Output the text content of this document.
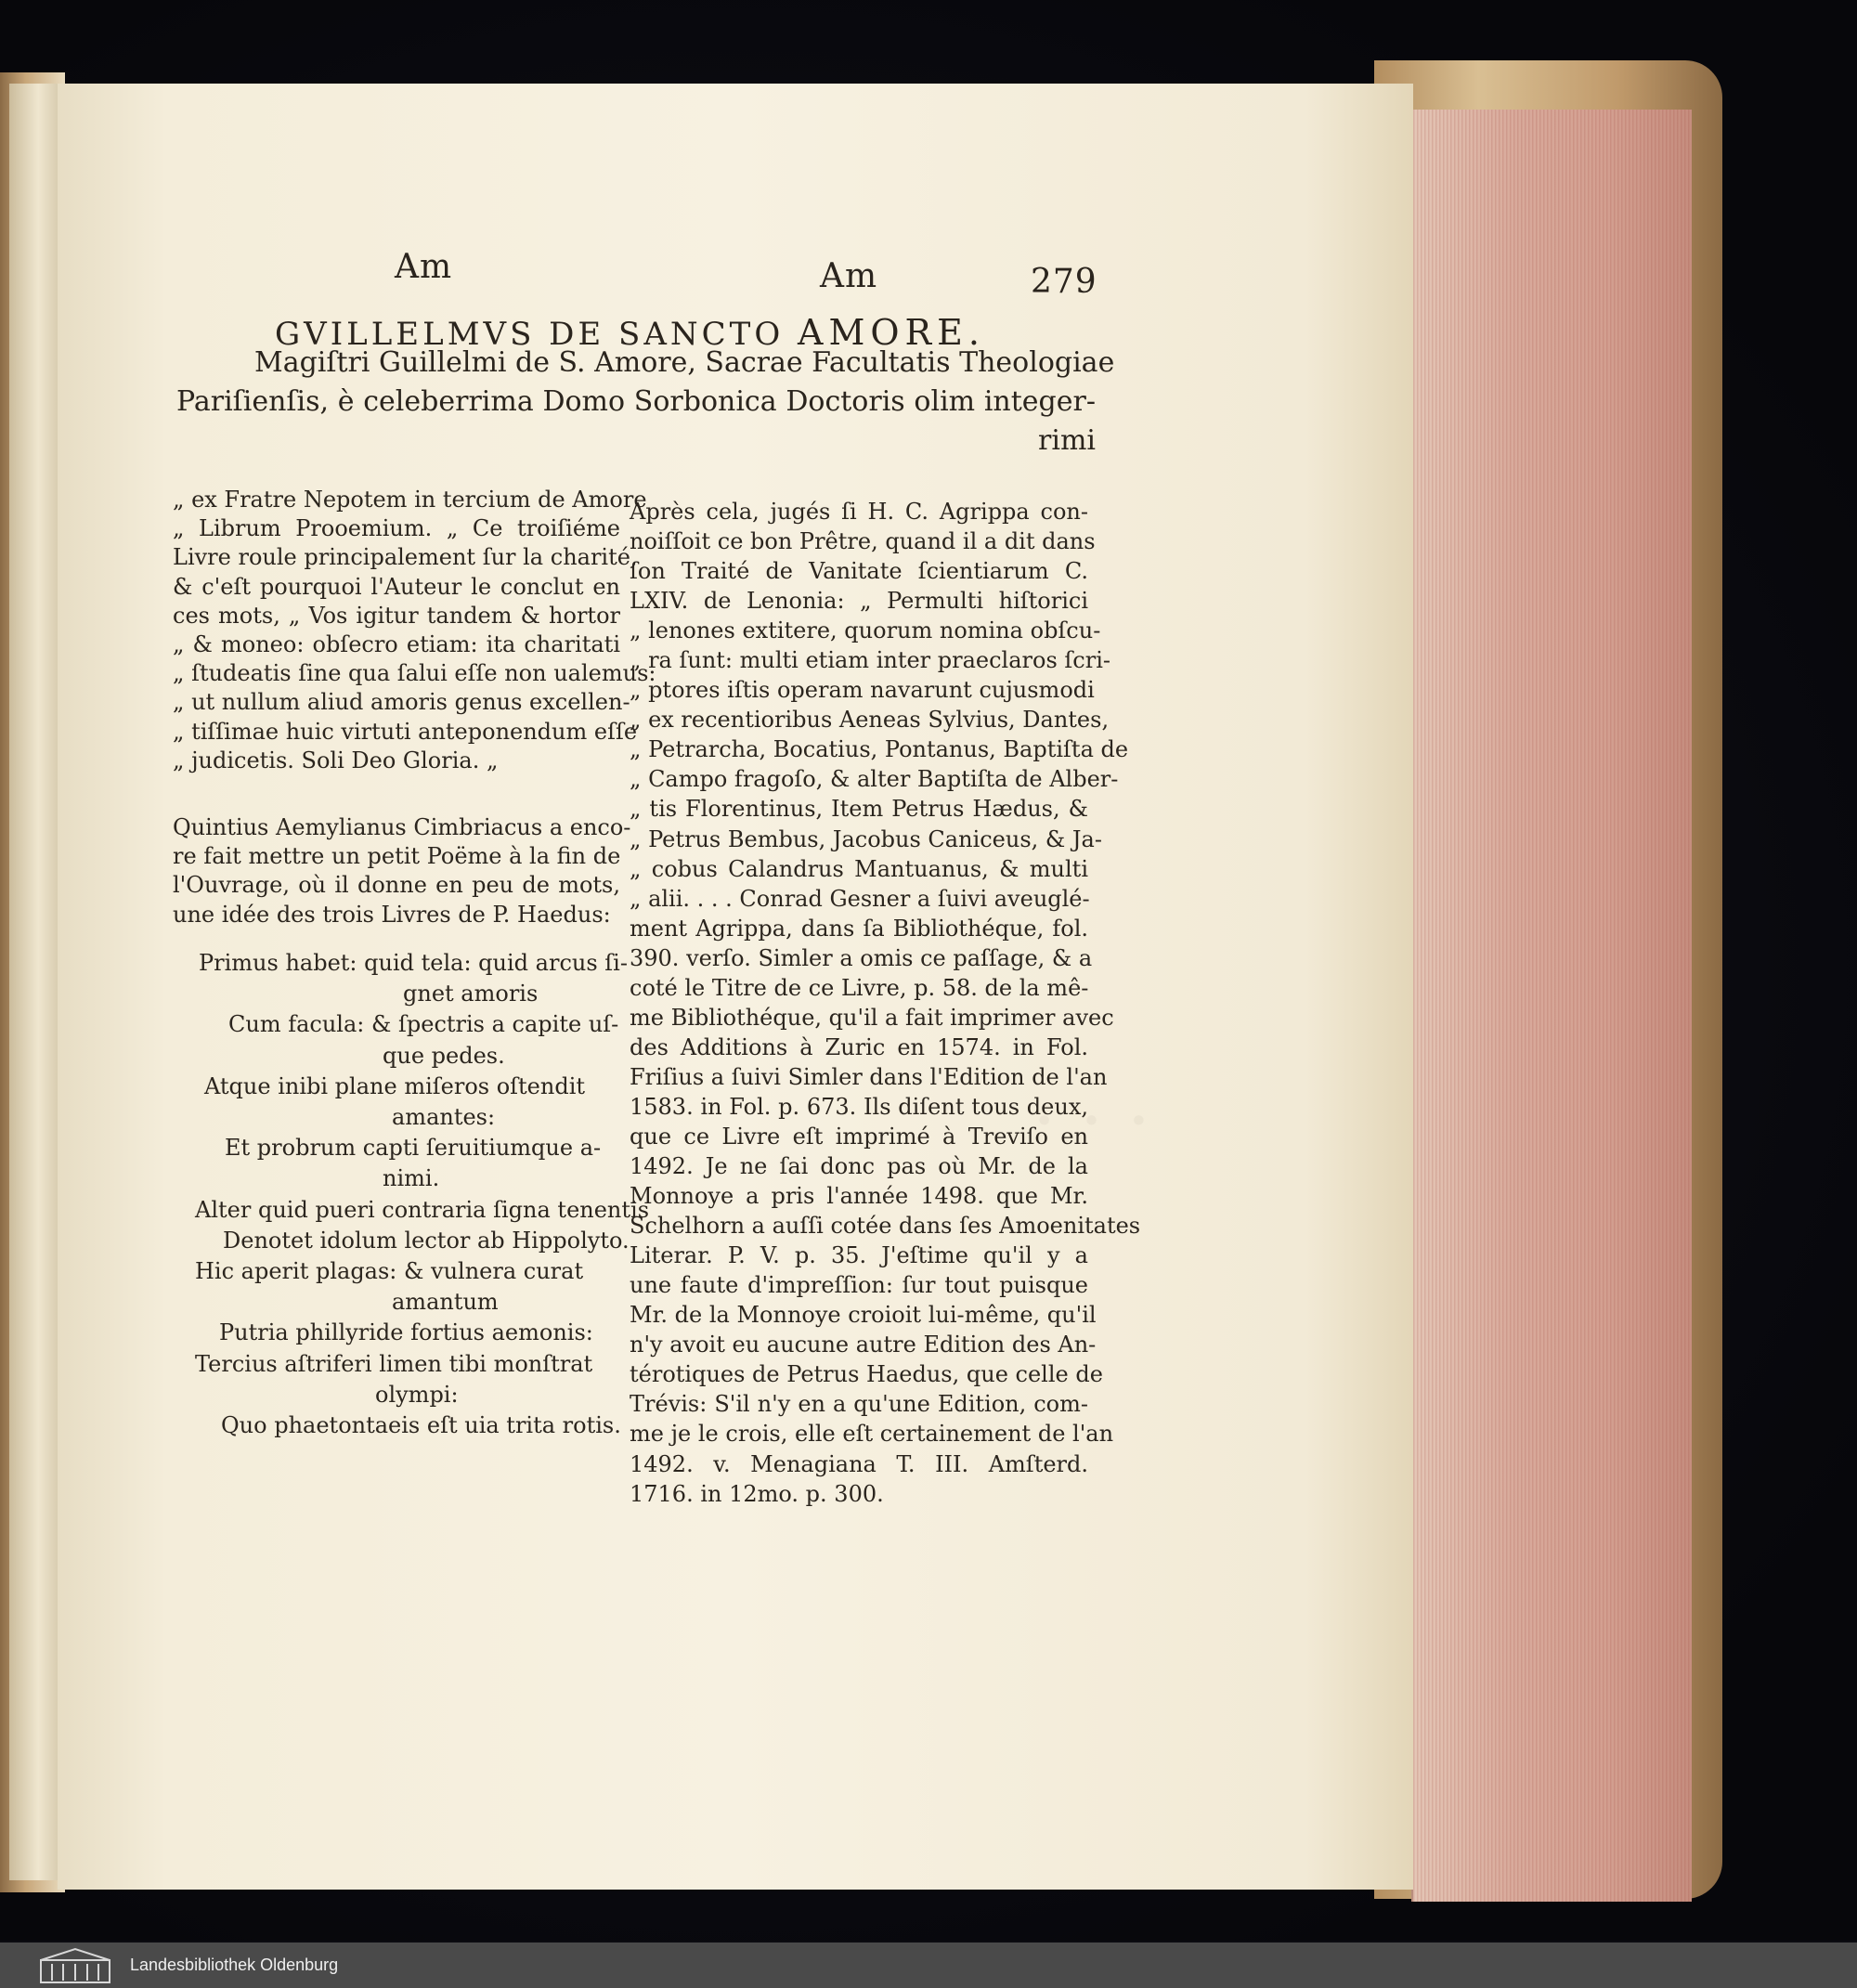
· · ·
Am	Am	279
GVILLELMVS DE SANCTO AMORE.
Magiſtri Guillelmi de S. Amore, Sacrae Facultatis Theologiae
Pariſienſis, è celeberrima Domo Sorbonica Doctoris olim integer-
rimi
„ ex Fratre Nepotem in tercium de Amore
„ Librum Prooemium. „ Ce troiſiéme
Livre roule principalement ſur la charité,
& c'eſt pourquoi l'Auteur le conclut en
ces mots, „ Vos igitur tandem & hortor
„ & moneo: obſecro etiam: ita charitati
„ ſtudeatis ſine qua ſalui eſſe non ualemus:
„ ut nullum aliud amoris genus excellen-
„ tiſſimae huic virtuti anteponendum eſſe
„ judicetis. Soli Deo Gloria. „
Quintius Aemylianus Cimbriacus a enco-
re fait mettre un petit Poëme à la fin de
l'Ouvrage, où il donne en peu de mots,
une idée des trois Livres de P. Haedus:
Primus habet: quid tela: quid arcus ſi-
gnet amoris
Cum facula: & ſpectris a capite uſ-
que pedes.
Atque inibi plane miſeros oſtendit
amantes:
Et probrum capti ſeruitiumque a-
nimi.
Alter quid pueri contraria ſigna tenentis
Denotet idolum lector ab Hippolyto.
Hic aperit plagas: & vulnera curat
amantum
Putria phillyride fortius aemonis:
Tercius aſtriferi limen tibi monſtrat
olympi:
Quo phaetontaeis eſt uia trita rotis.
Après cela, jugés ſi H. C. Agrippa con-
noiſſoit ce bon Prêtre, quand il a dit dans
ſon Traité de Vanitate ſcientiarum C.
LXIV. de Lenonia: „ Permulti hiſtorici
„ lenones extitere, quorum nomina obſcu-
„ ra ſunt: multi etiam inter praeclaros ſcri-
„ ptores iſtis operam navarunt cujusmodi
„ ex recentioribus Aeneas Sylvius, Dantes,
„ Petrarcha, Bocatius, Pontanus, Baptiſta de
„ Campo fragoſo, & alter Baptiſta de Alber-
„ tis Florentinus, Item Petrus Hædus, &
„ Petrus Bembus, Jacobus Caniceus, & Ja-
„ cobus Calandrus Mantuanus, & multi
„ alii. . . . Conrad Gesner a ſuivi aveuglé-
ment Agrippa, dans ſa Bibliothéque, fol.
390. verſo. Simler a omis ce paſſage, & a
coté le Titre de ce Livre, p. 58. de la mê-
me Bibliothéque, qu'il a fait imprimer avec
des Additions à Zuric en 1574. in Fol.
Friſius a ſuivi Simler dans l'Edition de l'an
1583. in Fol. p. 673. Ils diſent tous deux,
que ce Livre eſt imprimé à Treviſo en
1492. Je ne ſai donc pas où Mr. de la
Monnoye a pris l'année 1498. que Mr.
Schelhorn a auſſi cotée dans ſes Amoenitates
Literar. P. V. p. 35. J'eſtime qu'il y a
une faute d'impreſſion: ſur tout puisque
Mr. de la Monnoye croioit lui-même, qu'il
n'y avoit eu aucune autre Edition des An-
térotiques de Petrus Haedus, que celle de
Trévis: S'il n'y en a qu'une Edition, com-
me je le crois, elle eſt certainement de l'an
1492. v. Menagiana T. III. Amſterd.
1716. in 12mo. p. 300.
Landesbibliothek Oldenburg
